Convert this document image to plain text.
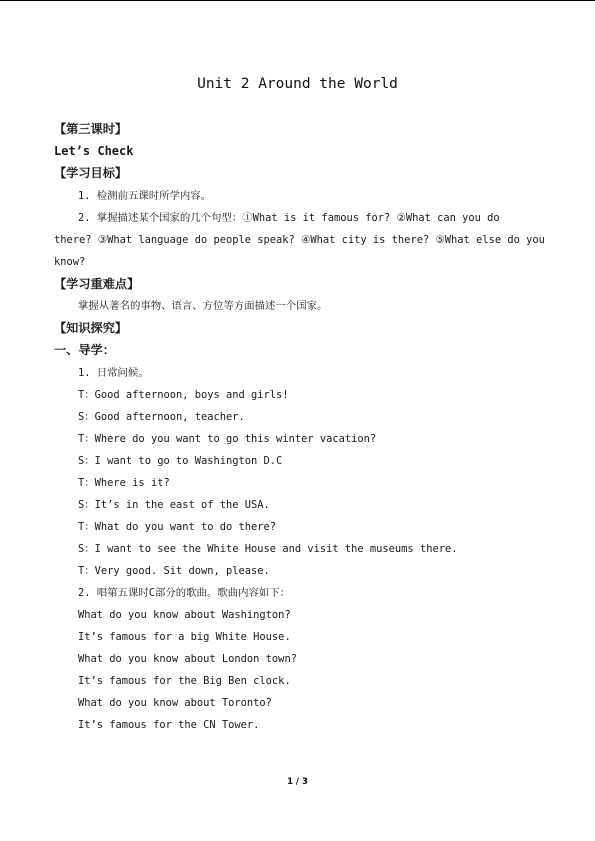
Unit 2 Around the World
【第三课时】
Let’s Check
【学习目标】
1. 检测前五课时所学内容。
2. 掌握描述某个国家的几个句型：①What is it famous for? ②What can you do
there? ③What language do people speak? ④What city is there? ⑤What else do you
know?
【学习重难点】
掌握从著名的事物、语言、方位等方面描述一个国家。
【知识探究】
一、导学：
1. 日常问候。
T：Good afternoon, boys and girls!
S：Good afternoon, teacher.
T：Where do you want to go this winter vacation?
S：I want to go to Washington D.C
T：Where is it?
S：It’s in the east of the USA.
T：What do you want to do there?
S：I want to see the White House and visit the museums there.
T：Very good. Sit down, please.
2. 唱第五课时C部分的歌曲。歌曲内容如下：
What do you know about Washington?
It’s famous for a big White House.
What do you know about London town?
It’s famous for the Big Ben clock.
What do you know about Toronto?
It’s famous for the CN Tower.
1 / 3
